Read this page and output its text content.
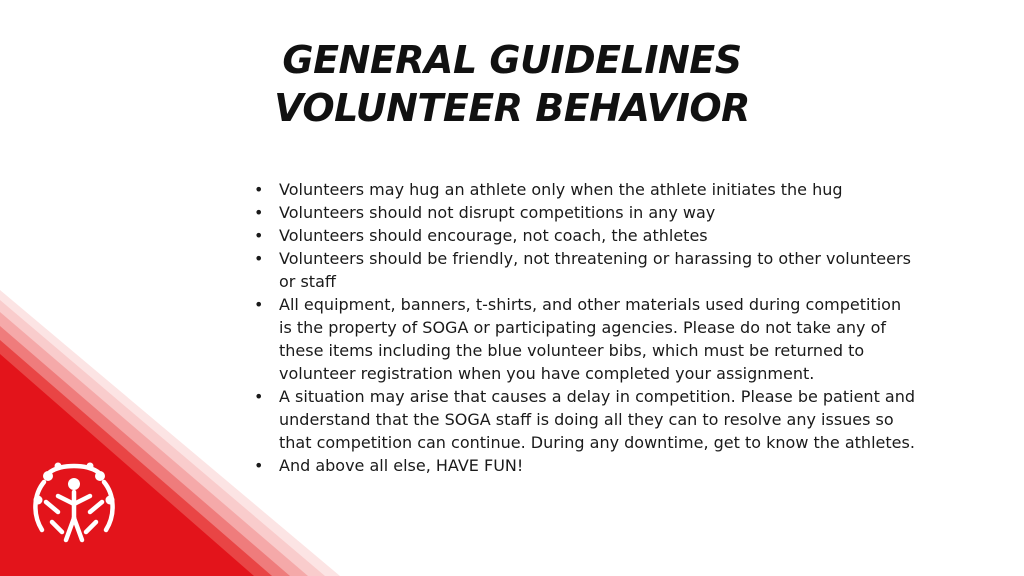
GENERAL GUIDELINES
VOLUNTEER BEHAVIOR
• Volunteers may hug an athlete only when the athlete initiates the hug
• Volunteers should not disrupt competitions in any way
• Volunteers should encourage, not coach, the athletes
• Volunteers should be friendly, not threatening or harassing to other volunteers or staff
• All equipment, banners, t-shirts, and other materials used during competition is the property of SOGA or participating agencies. Please do not take any of these items including the blue volunteer bibs, which must be returned to volunteer registration when you have completed your assignment.
• A situation may arise that causes a delay in competition. Please be patient and understand that the SOGA staff is doing all they can to resolve any issues so that competition can continue. During any downtime, get to know the athletes.
• And above all else, HAVE FUN!
